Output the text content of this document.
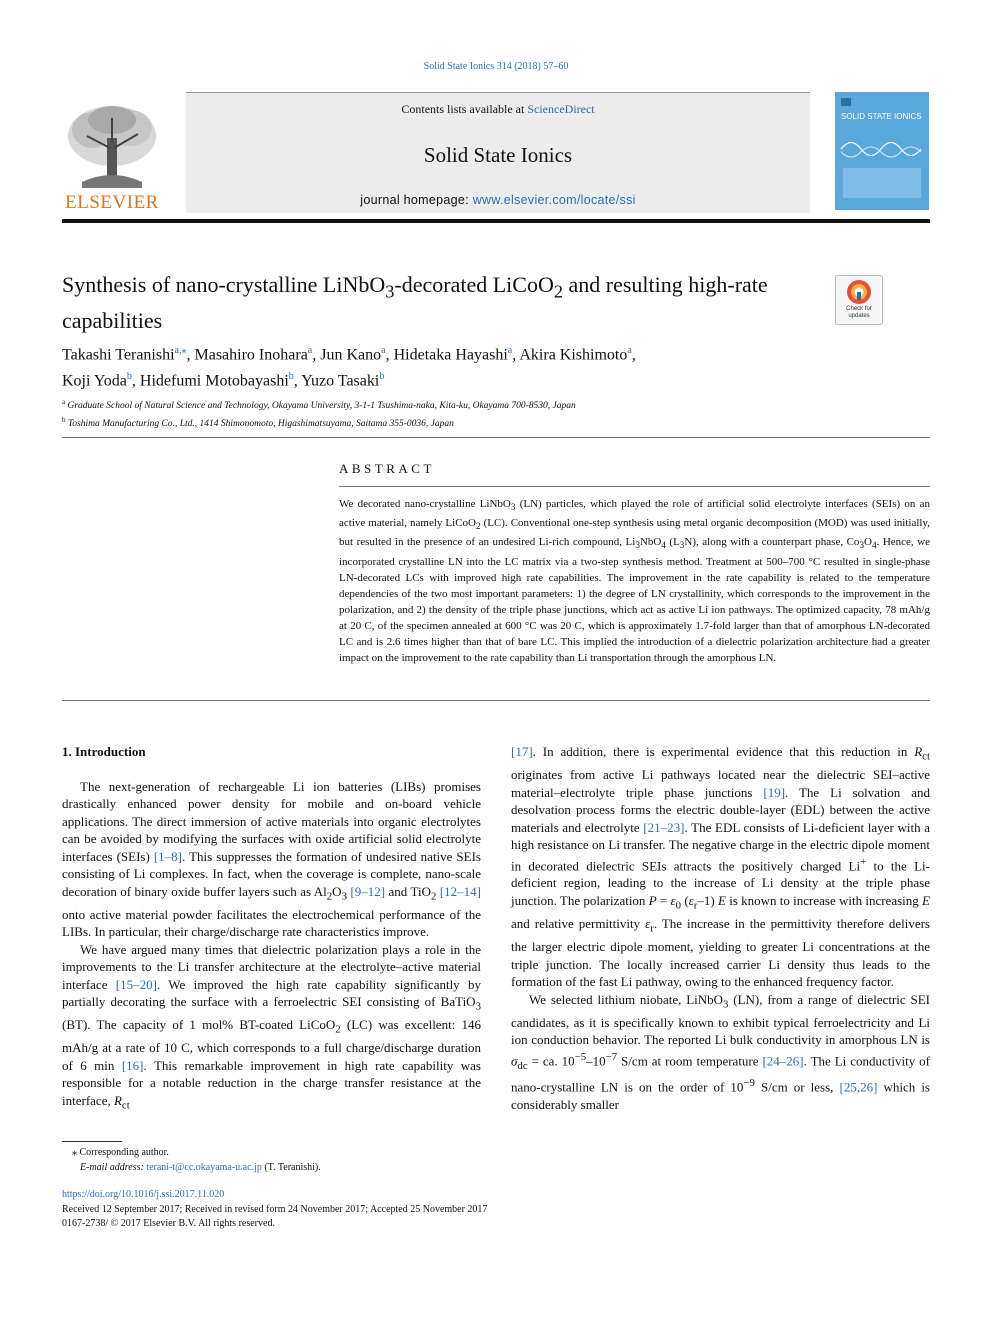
Solid State Ionics 314 (2018) 57–60
ELSEVIER
Contents lists available at ScienceDirect
Solid State Ionics
journal homepage: www.elsevier.com/locate/ssi
SOLID STATE IONICS
Synthesis of nano-crystalline LiNbO$_3$-decorated LiCoO$_2$ and resulting high-rate capabilities	Check for
updates
Takashi Teranishi$^{a,⁎}$, Masahiro Inohara$^a$, Jun Kano$^a$, Hidetaka Hayashi$^a$, Akira Kishimoto$^a$,
Koji Yoda$^b$, Hidefumi Motobayashi$^b$, Yuzo Tasaki$^b$
$^a$ Graduate School of Natural Science and Technology, Okayama University, 3-1-1 Tsushima-naka, Kita-ku, Okayama 700-8530, Japan
$^b$ Toshima Manufacturing Co., Ltd., 1414 Shimonomoto, Higashimatsuyama, Saitama 355-0036, Japan
ABSTRACT
We decorated nano-crystalline LiNbO$_3$ (LN) particles, which played the role of artificial solid electrolyte interfaces (SEIs) on an active material, namely LiCoO$_2$ (LC). Conventional one-step synthesis using metal organic decomposition (MOD) was used initially, but resulted in the presence of an undesired Li-rich compound, $Li_3NbO_4$ $(L_3N)$, along with a counterpart phase, $Co_3O_4$. Hence, we incorporated crystalline LN into the LC matrix via a two-step synthesis method. Treatment at 500–700 °C resulted in single-phase LN-decorated LCs with improved high rate capabilities. The improvement in the rate capability is related to the temperature dependencies of the two most important parameters: 1) the degree of LN crystallinity, which corresponds to the improvement in the polarization, and 2) the density of the triple phase junctions, which act as active Li ion pathways. The optimized capacity, 78 mAh/g at 20 C, of the specimen annealed at 600 °C was 20 C, which is approximately 1.7-fold larger than that of amorphous LN-decorated LC and is 2.6 times higher than that of bare LC. This implied the introduction of a dielectric polarization architecture had a greater impact on the improvement to the rate capability than Li transportation through the amorphous LN.
1. Introduction

The next-generation of rechargeable Li ion batteries (LIBs) promises drastically enhanced power density for mobile and on-board vehicle applications. The direct immersion of active materials into organic electrolytes can be avoided by modifying the surfaces with oxide artificial solid electrolyte interfaces (SEIs) [1–8]. This suppresses the formation of undesired native SEIs consisting of Li complexes. In fact, when the coverage is complete, nano-scale decoration of binary oxide buffer layers such as $Al_2O_3$ [9–12] and TiO$_2$ [12–14] onto active material powder facilitates the electrochemical performance of the LIBs. In particular, their charge/discharge rate characteristics improve.

We have argued many times that dielectric polarization plays a role in the improvements to the Li transfer architecture at the electrolyte–active material interface [15–20]. We improved the high rate capability significantly by partially decorating the surface with a ferroelectric SEI consisting of BaTiO$_3$ (BT). The capacity of 1 mol% BT-coated LiCoO$_2$ (LC) was excellent: 146 mAh/g at a rate of 10 C, which corresponds to a full charge/discharge duration of 6 min [16]. This remarkable improvement in high rate capability was responsible for a notable reduction in the charge transfer resistance at the interface, $R_{ct}$

[17]. In addition, there is experimental evidence that this reduction in $R_{ct}$ originates from active Li pathways located near the dielectric SEI–active material–electrolyte triple phase junctions [19]. The Li solvation and desolvation process forms the electric double-layer (EDL) between the active materials and electrolyte [21–23]. The EDL consists of Li-deficient layer with a high resistance on Li transfer. The negative charge in the electric dipole moment in decorated dielectric SEIs attracts the positively charged Li+ to the Li-deficient region, leading to the increase of Li density at the triple phase junction. The polarization $P = \varepsilon_0$ $(\varepsilon_r-1)$ E is known to increase with increasing E and relative permittivity $\varepsilon_r$. The increase in the permittivity therefore delivers the larger electric dipole moment, yielding to greater Li concentrations at the triple junction. The locally increased carrier Li density thus leads to the formation of the fast Li pathway, owing to the enhanced frequency factor.

We selected lithium niobate, LiNbO$_3$ (LN), from a range of dielectric SEI candidates, as it is specifically known to exhibit typical ferroelectricity and Li ion conduction behavior. The reported Li bulk conductivity in amorphous LN is $\sigma_{dc}$ = ca. $10^{-5}-10^{-7}$ S/cm at room temperature [24–26]. The Li conductivity of nano-crystalline LN is on the order of $10^{-9}$ S/cm or less, [25,26] which is considerably smaller

⁎ Corresponding author.
E-mail address: terani-t@cc.okayama-u.ac.jp (T. Teranishi).
https://doi.org/10.1016/j.ssi.2017.11.020
Received 12 September 2017; Received in revised form 24 November 2017; Accepted 25 November 2017
0167-2738/ © 2017 Elsevier B.V. All rights reserved.
